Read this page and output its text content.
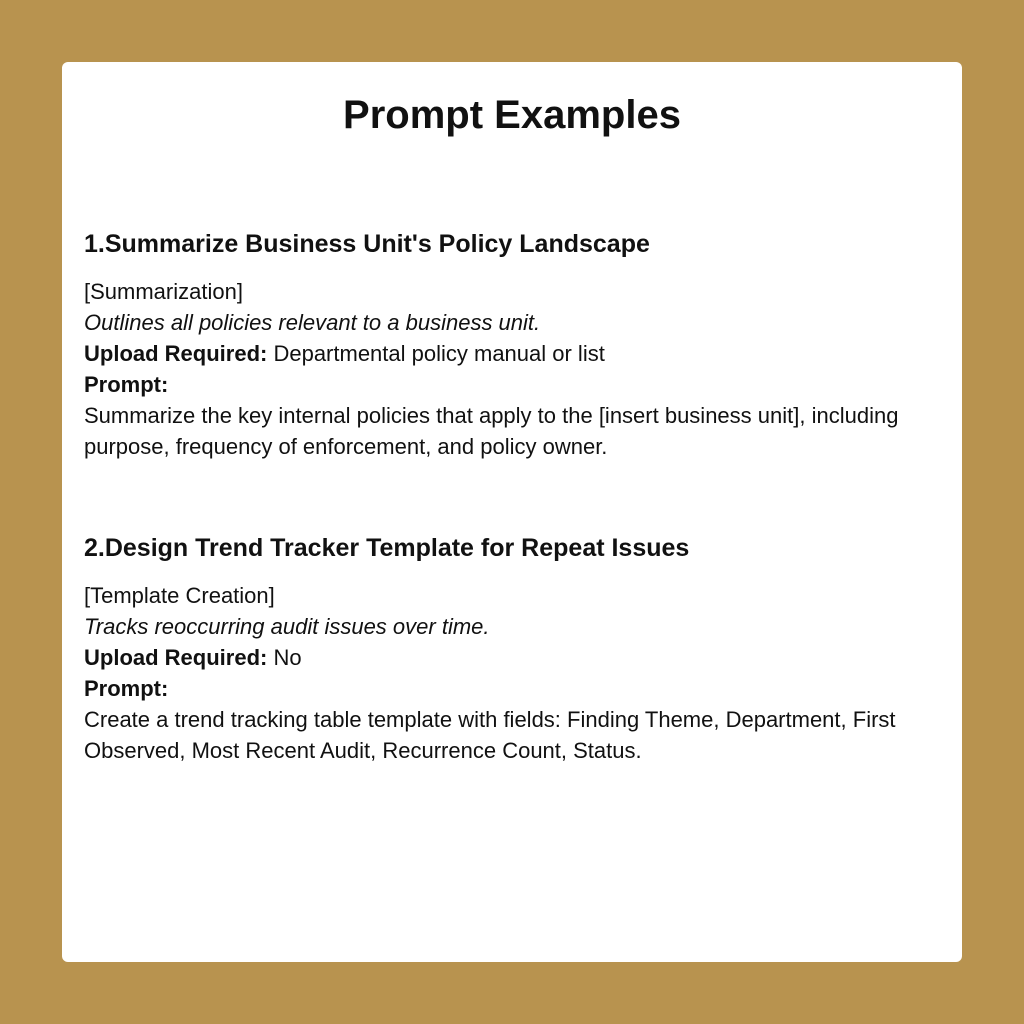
Prompt Examples
1.Summarize Business Unit's Policy Landscape

[Summarization]

Outlines all policies relevant to a business unit.

Upload Required: Departmental policy manual or list

Prompt:

Summarize the key internal policies that apply to the [insert business unit], including purpose, frequency of enforcement, and policy owner.

2.Design Trend Tracker Template for Repeat Issues

[Template Creation]

Tracks reoccurring audit issues over time.

Upload Required: No

Prompt:

Create a trend tracking table template with fields: Finding Theme, Department, First Observed, Most Recent Audit, Recurrence Count, Status.
